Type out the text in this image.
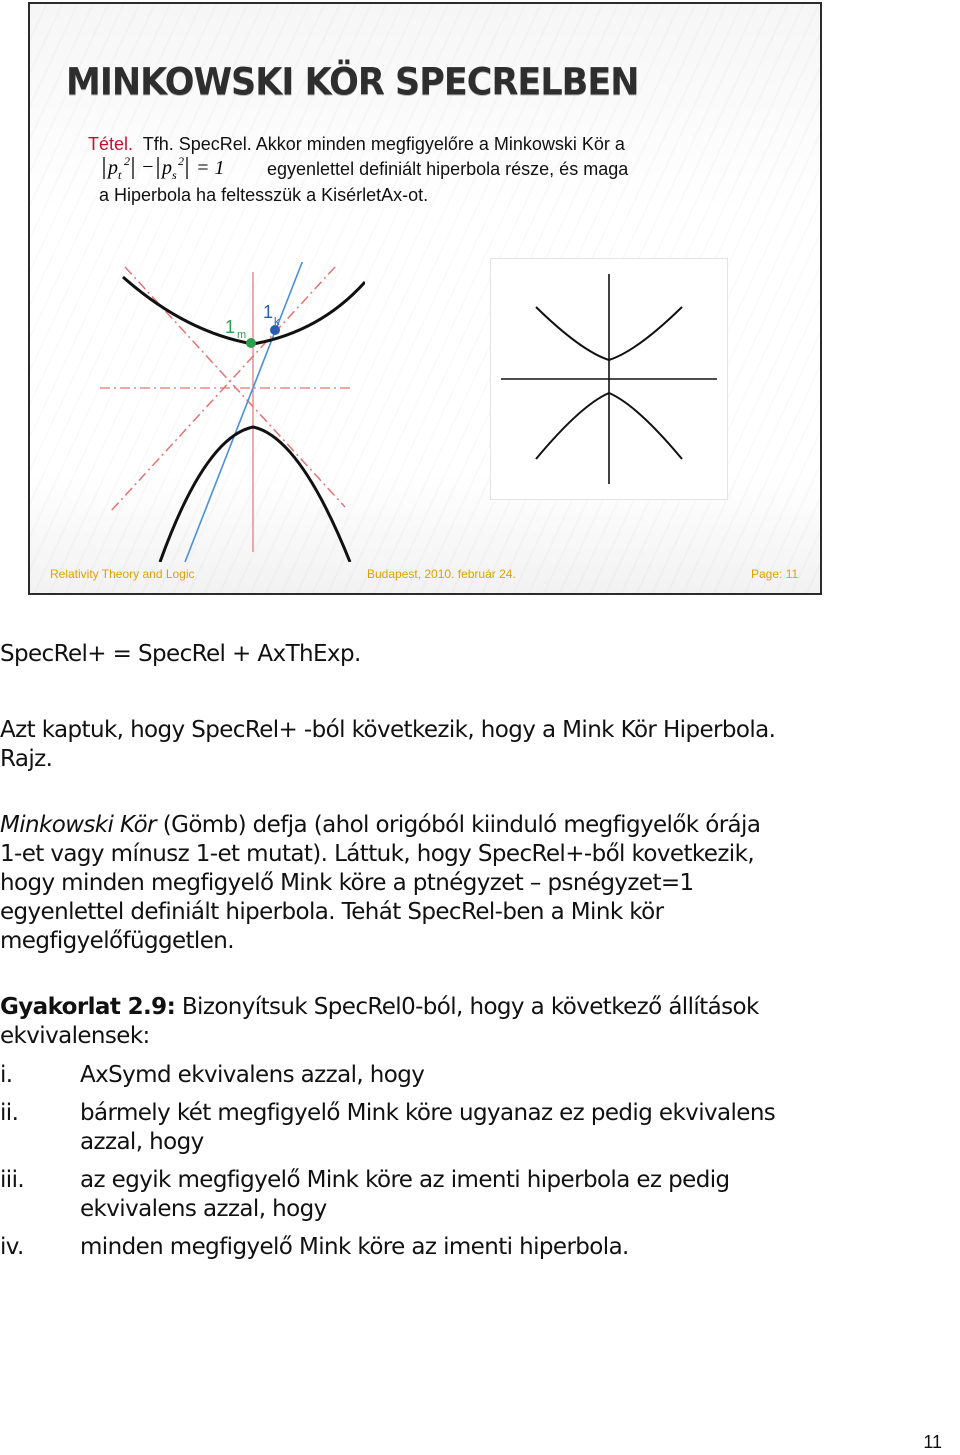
MINKOWSKI KÖR SPECRELBEN
Tétel. Tfh. SpecRel. Akkor minden megfigyelőre a Minkowski Kör a
p t
2 − p s
2 = 1 egyenlettel definiált hiperbola része, és maga
a Hiperbola ha feltesszük a KisérletAx-ot.
1 m
1 k
Relativity Theory and Logic	Budapest, 2010. február 24.	Page: 11

SpecRel+ = SpecRel + AxThExp.

Azt kaptuk, hogy SpecRel+ -ból következik, hogy a Mink Kör Hiperbola.

Rajz.

Minkowski Kör (Gömb) defja (ahol origóból kiinduló megfigyelők órája

1-et vagy mínusz 1-et mutat). Láttuk, hogy SpecRel+-ből kovetkezik,

hogy minden megfigyelő Mink köre a ptnégyzet – psnégyzet=1

egyenlettel definiált hiperbola. Tehát SpecRel-ben a Mink kör

megfigyelőfüggetlen.

Gyakorlat 2.9: Bizonyítsuk SpecRel0-ból, hogy a következő állítások

ekvivalensek:

i.	AxSymd ekvivalens azzal, hogy
ii.	bármely két megfigyelő Mink köre ugyanaz ez pedig ekvivalens
azzal, hogy
iii. az egyik megfigyelő Mink köre az imenti hiperbola ez pedig
ekvivalens azzal, hogy
iv. minden megfigyelő Mink köre az imenti hiperbola.
11
